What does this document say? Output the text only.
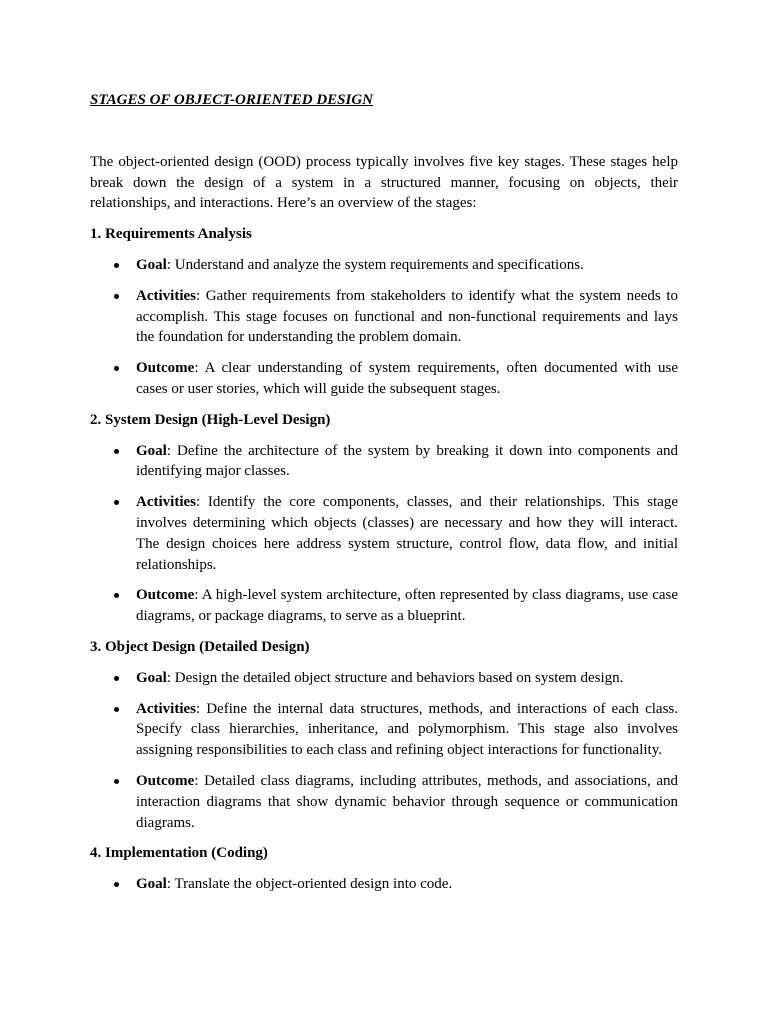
STAGES OF OBJECT-ORIENTED DESIGN

The object-oriented design (OOD) process typically involves five key stages. These stages help break down the design of a system in a structured manner, focusing on objects, their relationships, and interactions. Here’s an overview of the stages:

1. Requirements Analysis
Goal: Understand and analyze the system requirements and specifications.
Activities: Gather requirements from stakeholders to identify what the system needs to accomplish. This stage focuses on functional and non-functional requirements and lays the foundation for understanding the problem domain.
Outcome: A clear understanding of system requirements, often documented with use cases or user stories, which will guide the subsequent stages.
2. System Design (High-Level Design)
Goal: Define the architecture of the system by breaking it down into components and identifying major classes.
Activities: Identify the core components, classes, and their relationships. This stage involves determining which objects (classes) are necessary and how they will interact. The design choices here address system structure, control flow, data flow, and initial relationships.
Outcome: A high-level system architecture, often represented by class diagrams, use case diagrams, or package diagrams, to serve as a blueprint.
3. Object Design (Detailed Design)
Goal: Design the detailed object structure and behaviors based on system design.
Activities: Define the internal data structures, methods, and interactions of each class. Specify class hierarchies, inheritance, and polymorphism. This stage also involves assigning responsibilities to each class and refining object interactions for functionality.
Outcome: Detailed class diagrams, including attributes, methods, and associations, and interaction diagrams that show dynamic behavior through sequence or communication diagrams.
4. Implementation (Coding)
Goal: Translate the object-oriented design into code.
